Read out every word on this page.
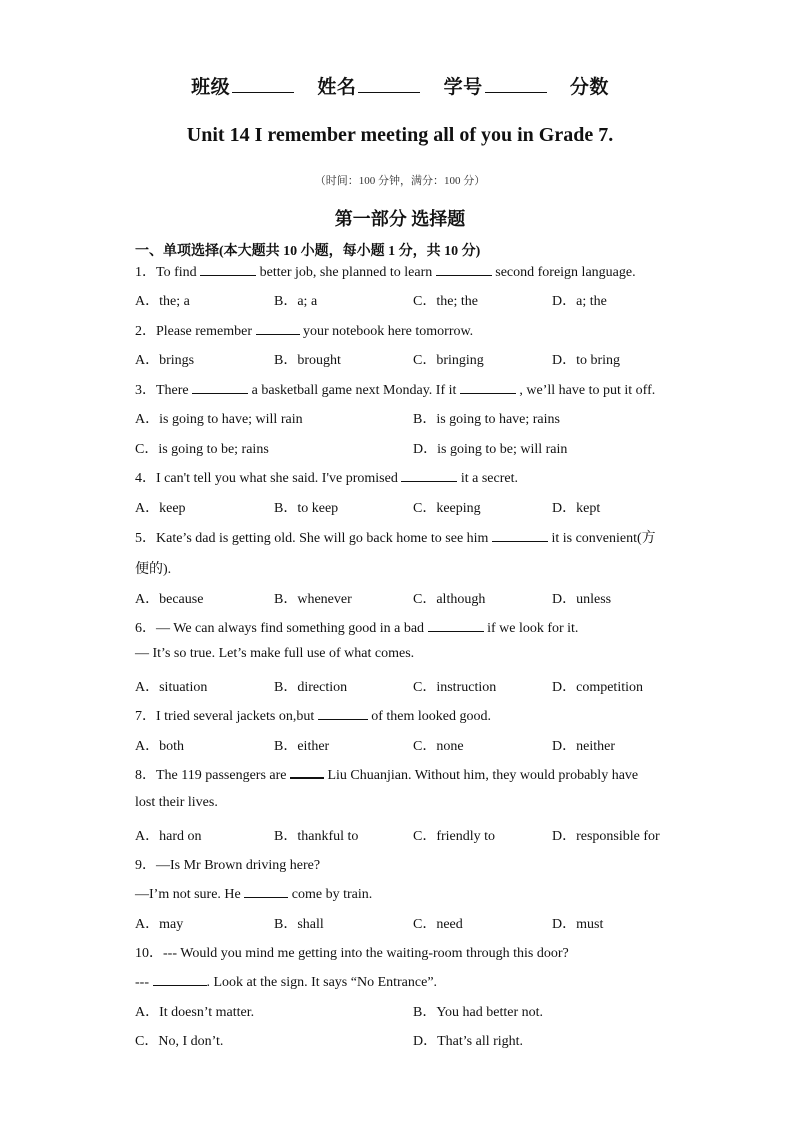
班级	姓名	学号	分数
Unit 14 I remember meeting all of you in Grade 7.
（时间：100 分钟，满分：100 分）
第一部分 选择题
一、单项选择(本大题共 10 小题，每小题 1 分，共 10 分)
1．To find	better job, she planned to learn	second foreign language.
A．the; a	B．a; a	C．the; the	D．a; the
2．Please remember	your notebook here tomorrow.
A．brings	B．brought	C．bringing	D．to bring
3．There	a basketball game next Monday. If it	, we’ll have to put it off.
A．is going to have; will rain	B．is going to have; rains
C．is going to be; rains	D．is going to be; will rain
4．I can't tell you what she said. I've promised	it a secret.
A．keep	B．to keep	C．keeping	D．kept
5．Kate’s dad is getting old. She will go back home to see him	it is convenient(方
便的).
A．because	B．whenever	C．although	D．unless
6．— We can always find something good in a bad	if we look for it.
— It’s so true. Let’s make full use of what comes.
A．situation	B．direction	C．instruction	D．competition
7．I tried several jackets on,but	of them looked good.
A．both	B．either	C．none	D．neither
8．The 119 passengers are  Liu Chuanjian. Without him, they would probably have
lost their lives.
A．hard on	B．thankful to	C．friendly to	D．responsible for
9．—Is Mr Brown driving here?
—I’m not sure. He	come by train.
A．may	B．shall	C．need	D．must
10．--- Would you mind me getting into the waiting-room through this door?
---	. Look at the sign. It says “No Entrance”.
A．It doesn’t matter.	B．You had better not.
C．No, I don’t.	D．That’s all right.
